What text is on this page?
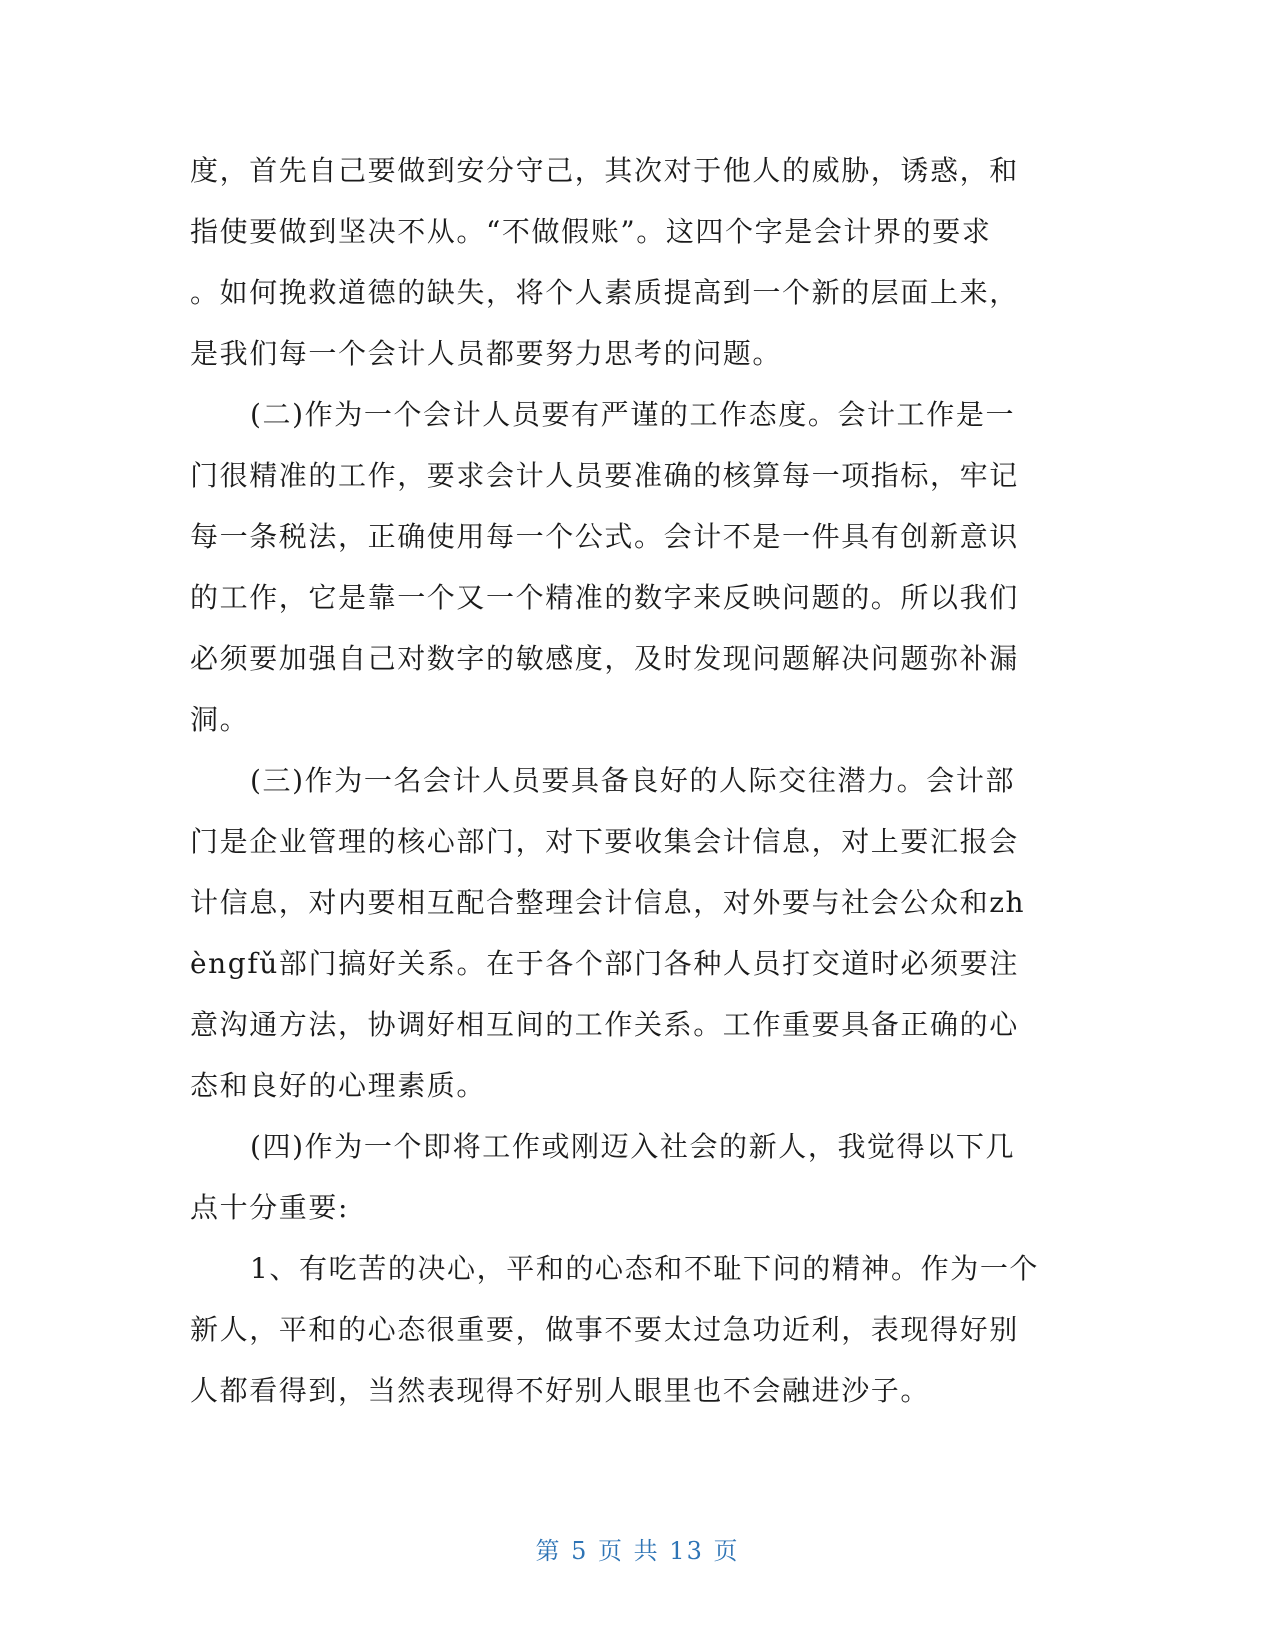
度，首先自己要做到安分守己，其次对于他人的威胁，诱惑，和
指使要做到坚决不从。“不做假账”。这四个字是会计界的要求
。如何挽救道德的缺失，将个人素质提高到一个新的层面上来，
是我们每一个会计人员都要努力思考的问题。
(二)作为一个会计人员要有严谨的工作态度。会计工作是一
门很精准的工作，要求会计人员要准确的核算每一项指标，牢记
每一条税法，正确使用每一个公式。会计不是一件具有创新意识
的工作，它是靠一个又一个精准的数字来反映问题的。所以我们
必须要加强自己对数字的敏感度，及时发现问题解决问题弥补漏
洞。
(三)作为一名会计人员要具备良好的人际交往潜力。会计部
门是企业管理的核心部门，对下要收集会计信息，对上要汇报会
计信息，对内要相互配合整理会计信息，对外要与社会公众和zh
èngfǔ部门搞好关系。在于各个部门各种人员打交道时必须要注
意沟通方法，协调好相互间的工作关系。工作重要具备正确的心
态和良好的心理素质。
(四)作为一个即将工作或刚迈入社会的新人，我觉得以下几
点十分重要:
1、有吃苦的决心，平和的心态和不耻下问的精神。作为一个
新人，平和的心态很重要，做事不要太过急功近利，表现得好别
人都看得到，当然表现得不好别人眼里也不会融进沙子。
第 5 页 共 13 页
